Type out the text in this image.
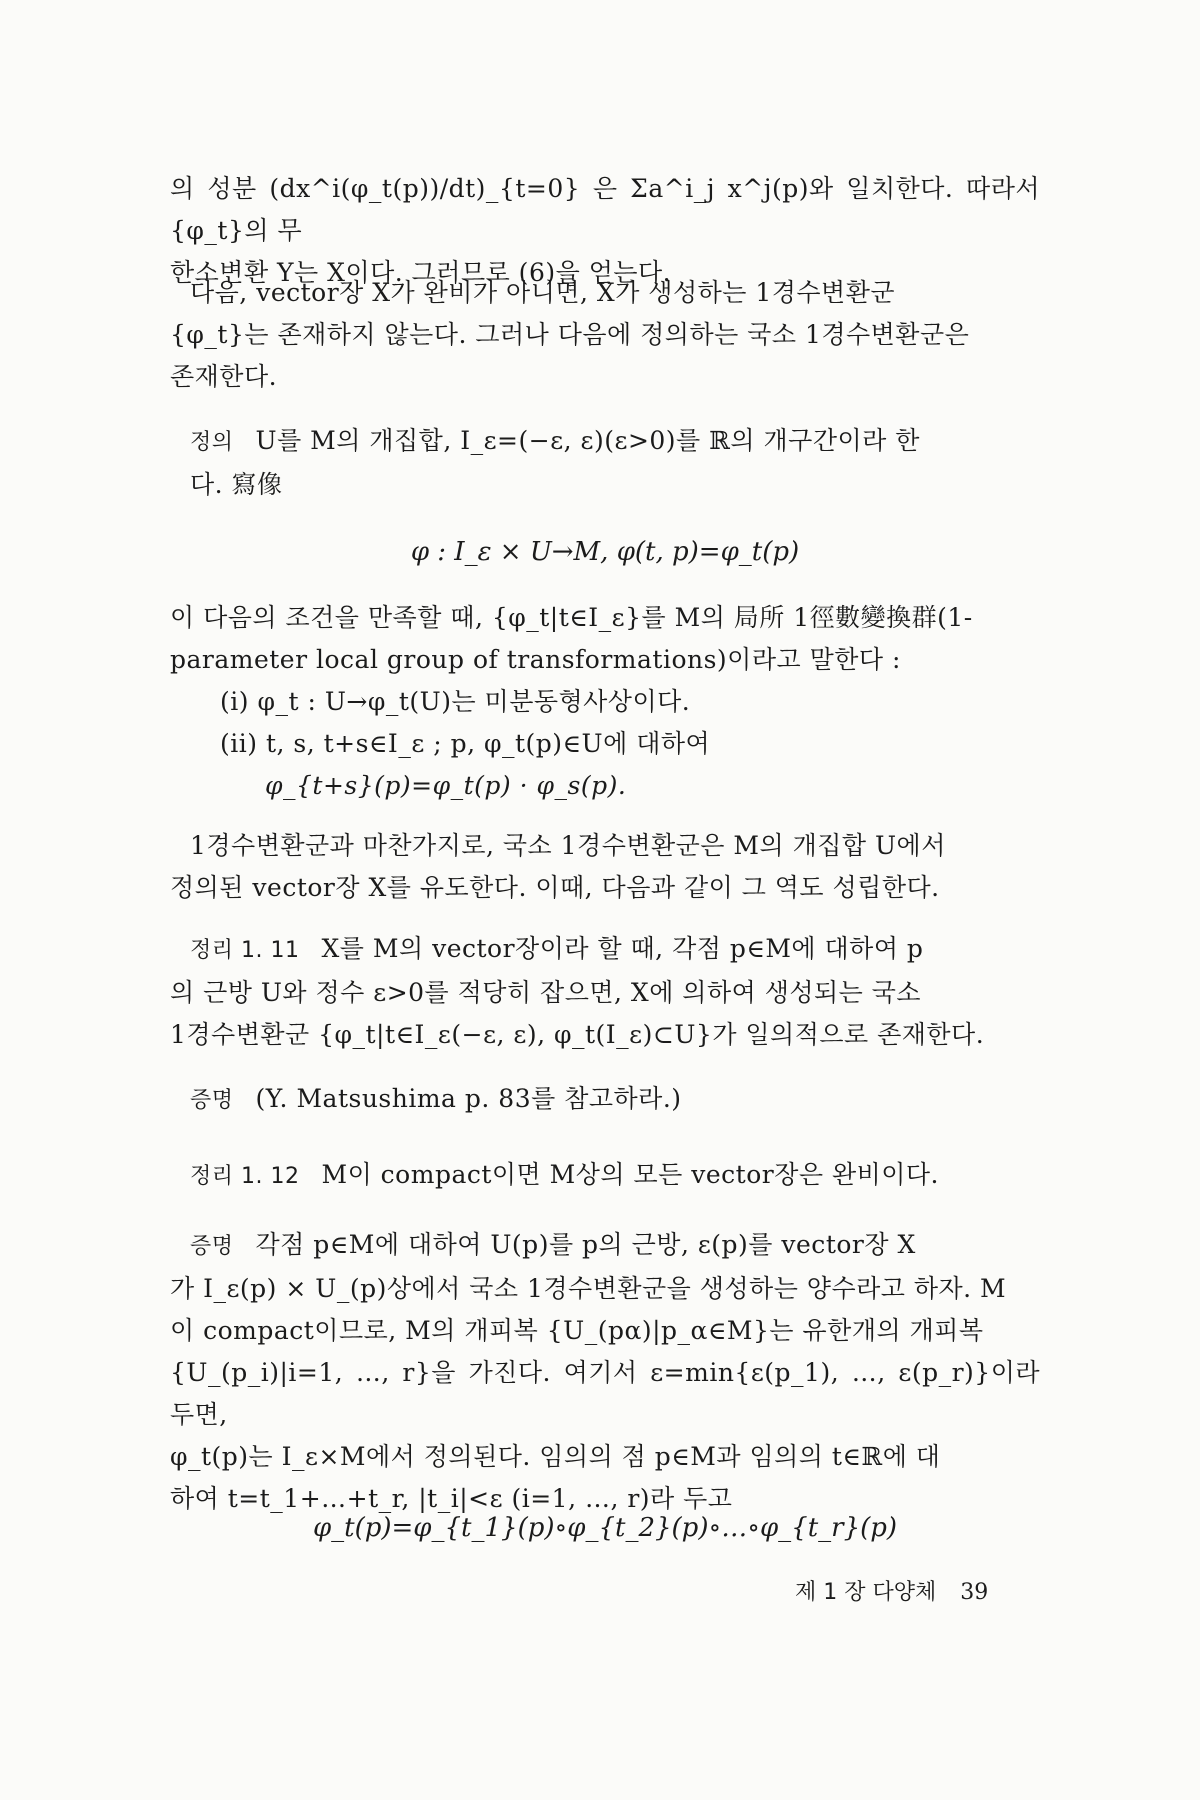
의 성분 (dx^i(φ_t(p))/dt)_{t=0} 은 Σa^i_j x^j(p)와 일치한다. 따라서 {φ_t}의 무
한소변환 Y는 X이다. 그러므로 (6)을 얻는다.

다음, vector장 X가 완비가 아니면, X가 생성하는 1경수변환군
{φ_t}는 존재하지 않는다. 그러나 다음에 정의하는 국소 1경수변환군은
존재한다.

정의 U를 M의 개집합, I_ε=(−ε, ε)(ε>0)를 ℝ의 개구간이라 한
다. 寫像

φ : I_ε × U→M, φ(t, p)=φ_t(p)

이 다음의 조건을 만족할 때, {φ_t|t∈I_ε}를 M의 局所 1徑數變換群(1-
parameter local group of transformations)이라고 말한다 :

(i) φ_t : U→φ_t(U)는 미분동형사상이다.

(ii) t, s, t+s∈I_ε ; p, φ_t(p)∈U에 대하여

φ_{t+s}(p)=φ_t(p) · φ_s(p).

1경수변환군과 마찬가지로, 국소 1경수변환군은 M의 개집합 U에서
정의된 vector장 X를 유도한다. 이때, 다음과 같이 그 역도 성립한다.

정리 1. 11 X를 M의 vector장이라 할 때, 각점 p∈M에 대하여 p
의 근방 U와 정수 ε>0를 적당히 잡으면, X에 의하여 생성되는 국소
1경수변환군 {φ_t|t∈I_ε(−ε, ε), φ_t(I_ε)⊂U}가 일의적으로 존재한다.

증명 (Y. Matsushima p. 83를 참고하라.)

정리 1. 12 M이 compact이면 M상의 모든 vector장은 완비이다.

증명 각점 p∈M에 대하여 U(p)를 p의 근방, ε(p)를 vector장 X
가 I_ε(p) × U_(p)상에서 국소 1경수변환군을 생성하는 양수라고 하자. M
이 compact이므로, M의 개피복 {U_(pα)|p_α∈M}는 유한개의 개피복
{U_(p_i)|i=1, …, r}을 가진다. 여기서 ε=min{ε(p_1), …, ε(p_r)}이라 두면,
φ_t(p)는 I_ε×M에서 정의된다. 임의의 점 p∈M과 임의의 t∈ℝ에 대
하여 t=t_1+…+t_r, |t_i|<ε (i=1, …, r)라 두고

φ_t(p)=φ_{t_1}(p)∘φ_{t_2}(p)∘…∘φ_{t_r}(p)
제 1 장 다양체 39
